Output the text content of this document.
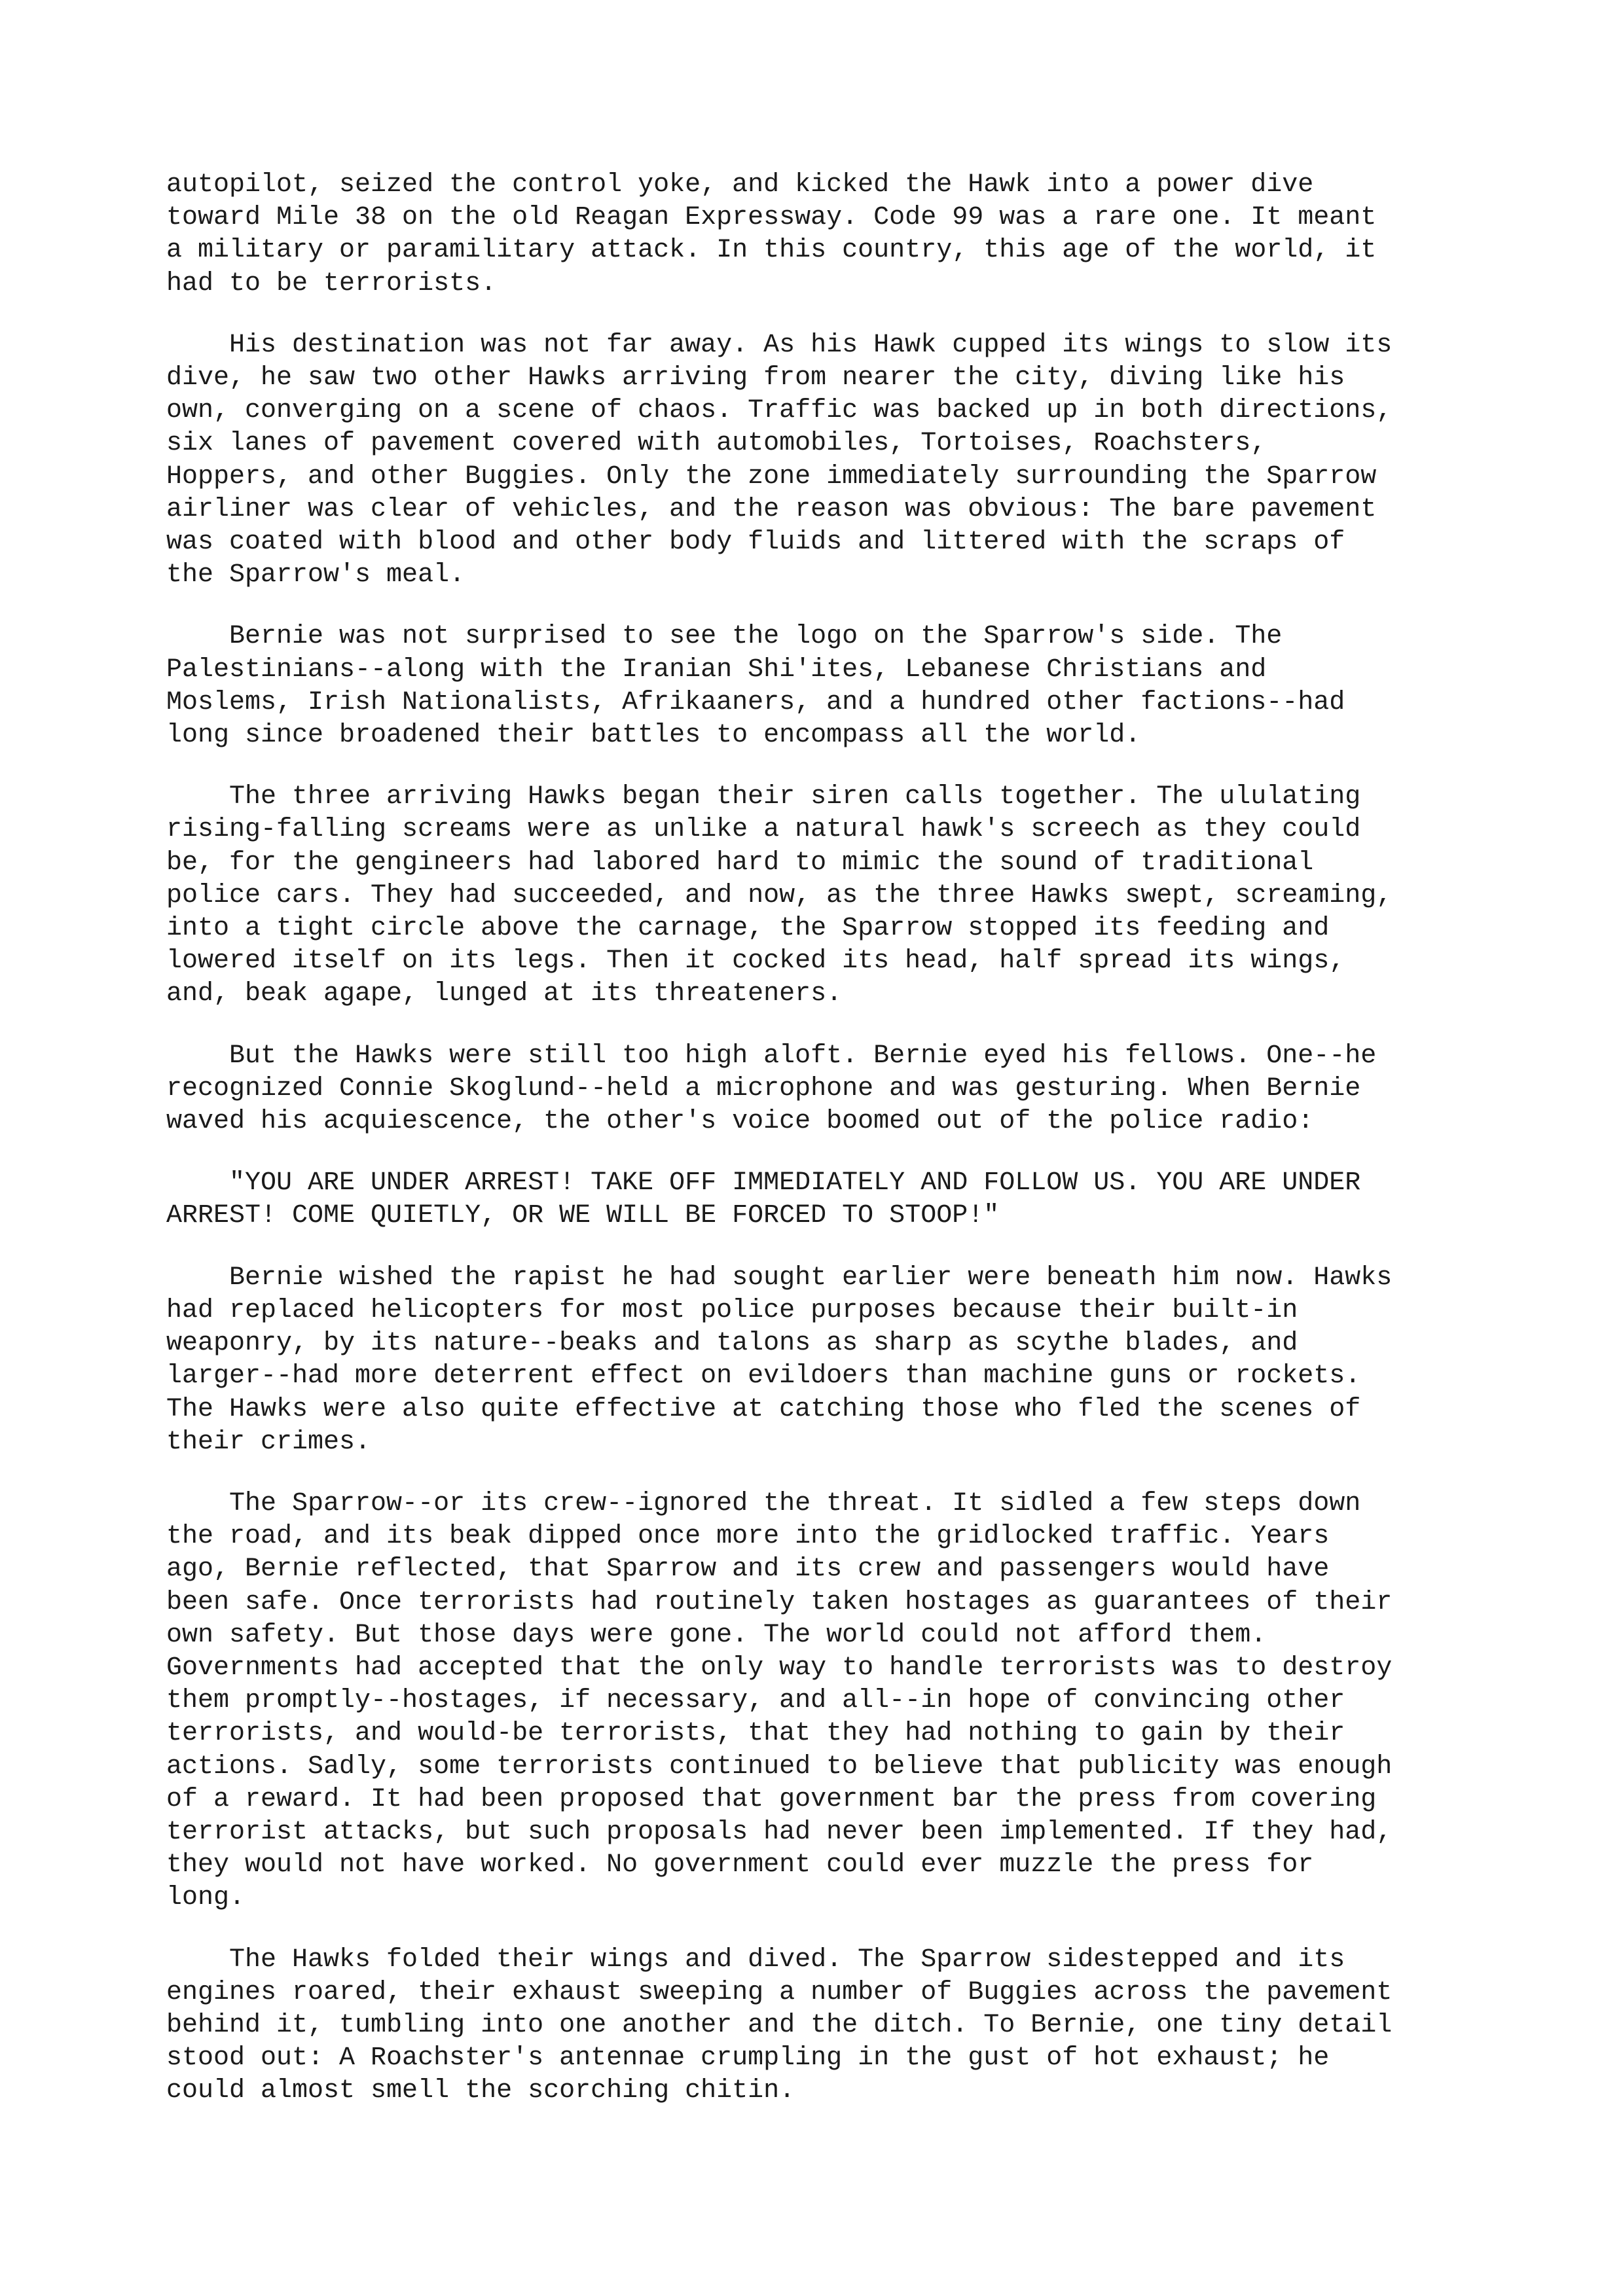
autopilot, seized the control yoke, and kicked the Hawk into a power dive
toward Mile 38 on the old Reagan Expressway. Code 99 was a rare one. It meant
a military or paramilitary attack. In this country, this age of the world, it
had to be terrorists.
His destination was not far away. As his Hawk cupped its wings to slow its
dive, he saw two other Hawks arriving from nearer the city, diving like his
own, converging on a scene of chaos. Traffic was backed up in both directions,
six lanes of pavement covered with automobiles, Tortoises, Roachsters,
Hoppers, and other Buggies. Only the zone immediately surrounding the Sparrow
airliner was clear of vehicles, and the reason was obvious: The bare pavement
was coated with blood and other body fluids and littered with the scraps of
the Sparrow's meal.
Bernie was not surprised to see the logo on the Sparrow's side. The
Palestinians--along with the Iranian Shi'ites, Lebanese Christians and
Moslems, Irish Nationalists, Afrikaaners, and a hundred other factions--had
long since broadened their battles to encompass all the world.
The three arriving Hawks began their siren calls together. The ululating
rising-falling screams were as unlike a natural hawk's screech as they could
be, for the gengineers had labored hard to mimic the sound of traditional
police cars. They had succeeded, and now, as the three Hawks swept, screaming,
into a tight circle above the carnage, the Sparrow stopped its feeding and
lowered itself on its legs. Then it cocked its head, half spread its wings,
and, beak agape, lunged at its threateners.
But the Hawks were still too high aloft. Bernie eyed his fellows. One--he
recognized Connie Skoglund--held a microphone and was gesturing. When Bernie
waved his acquiescence, the other's voice boomed out of the police radio:
"YOU ARE UNDER ARREST! TAKE OFF IMMEDIATELY AND FOLLOW US. YOU ARE UNDER
ARREST! COME QUIETLY, OR WE WILL BE FORCED TO STOOP!"
Bernie wished the rapist he had sought earlier were beneath him now. Hawks
had replaced helicopters for most police purposes because their built-in
weaponry, by its nature--beaks and talons as sharp as scythe blades, and
larger--had more deterrent effect on evildoers than machine guns or rockets.
The Hawks were also quite effective at catching those who fled the scenes of
their crimes.
The Sparrow--or its crew--ignored the threat. It sidled a few steps down
the road, and its beak dipped once more into the gridlocked traffic. Years
ago, Bernie reflected, that Sparrow and its crew and passengers would have
been safe. Once terrorists had routinely taken hostages as guarantees of their
own safety. But those days were gone. The world could not afford them.
Governments had accepted that the only way to handle terrorists was to destroy
them promptly--hostages, if necessary, and all--in hope of convincing other
terrorists, and would-be terrorists, that they had nothing to gain by their
actions. Sadly, some terrorists continued to believe that publicity was enough
of a reward. It had been proposed that government bar the press from covering
terrorist attacks, but such proposals had never been implemented. If they had,
they would not have worked. No government could ever muzzle the press for
long.
The Hawks folded their wings and dived. The Sparrow sidestepped and its
engines roared, their exhaust sweeping a number of Buggies across the pavement
behind it, tumbling into one another and the ditch. To Bernie, one tiny detail
stood out: A Roachster's antennae crumpling in the gust of hot exhaust; he
could almost smell the scorching chitin.
